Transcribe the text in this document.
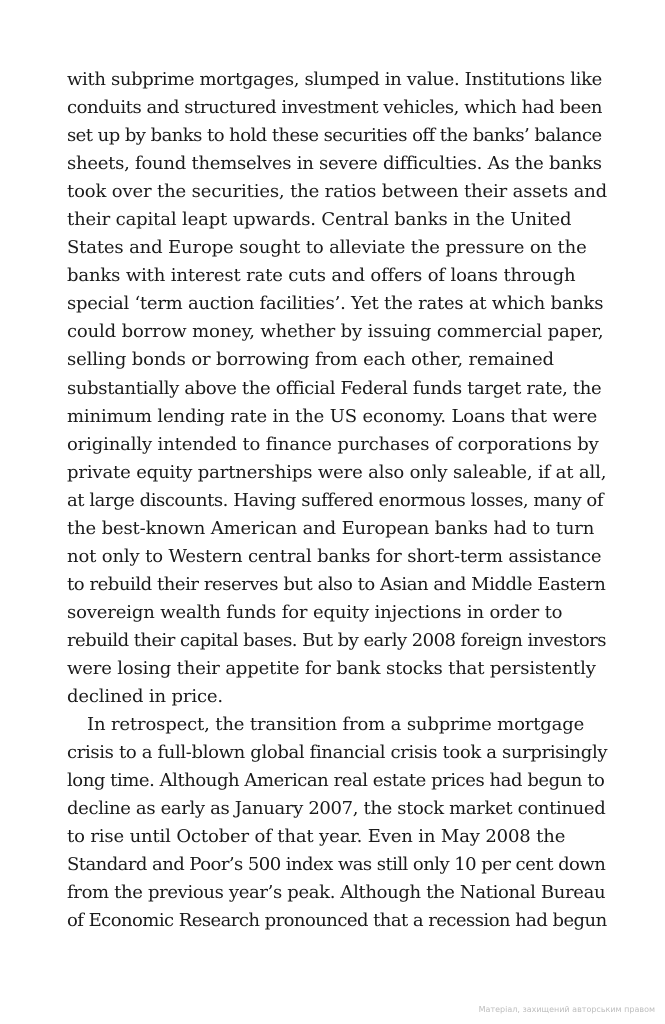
with subprime mortgages, slumped in value. Institutions like
conduits and structured investment vehicles, which had been
set up by banks to hold these securities off the banks’ balance
sheets, found themselves in severe difficulties. As the banks
took over the securities, the ratios between their assets and
their capital leapt upwards. Central banks in the United
States and Europe sought to alleviate the pressure on the
banks with interest rate cuts and offers of loans through
special ‘term auction facilities’. Yet the rates at which banks
could borrow money, whether by issuing commercial paper,
selling bonds or borrowing from each other, remained
substantially above the official Federal funds target rate, the
minimum lending rate in the US economy. Loans that were
originally intended to finance purchases of corporations by
private equity partnerships were also only saleable, if at all,
at large discounts. Having suffered enormous losses, many of
the best-known American and European banks had to turn
not only to Western central banks for short-term assistance
to rebuild their reserves but also to Asian and Middle Eastern
sovereign wealth funds for equity injections in order to
rebuild their capital bases. But by early 2008 foreign investors
were losing their appetite for bank stocks that persistently
declined in price.
In retrospect, the transition from a subprime mortgage
crisis to a full-blown global financial crisis took a surprisingly
long time. Although American real estate prices had begun to
decline as early as January 2007, the stock market continued
to rise until October of that year. Even in May 2008 the
Standard and Poor’s 500 index was still only 10 per cent down
from the previous year’s peak. Although the National Bureau
of Economic Research pronounced that a recession had begun
Матеріал, захищений авторським правом
